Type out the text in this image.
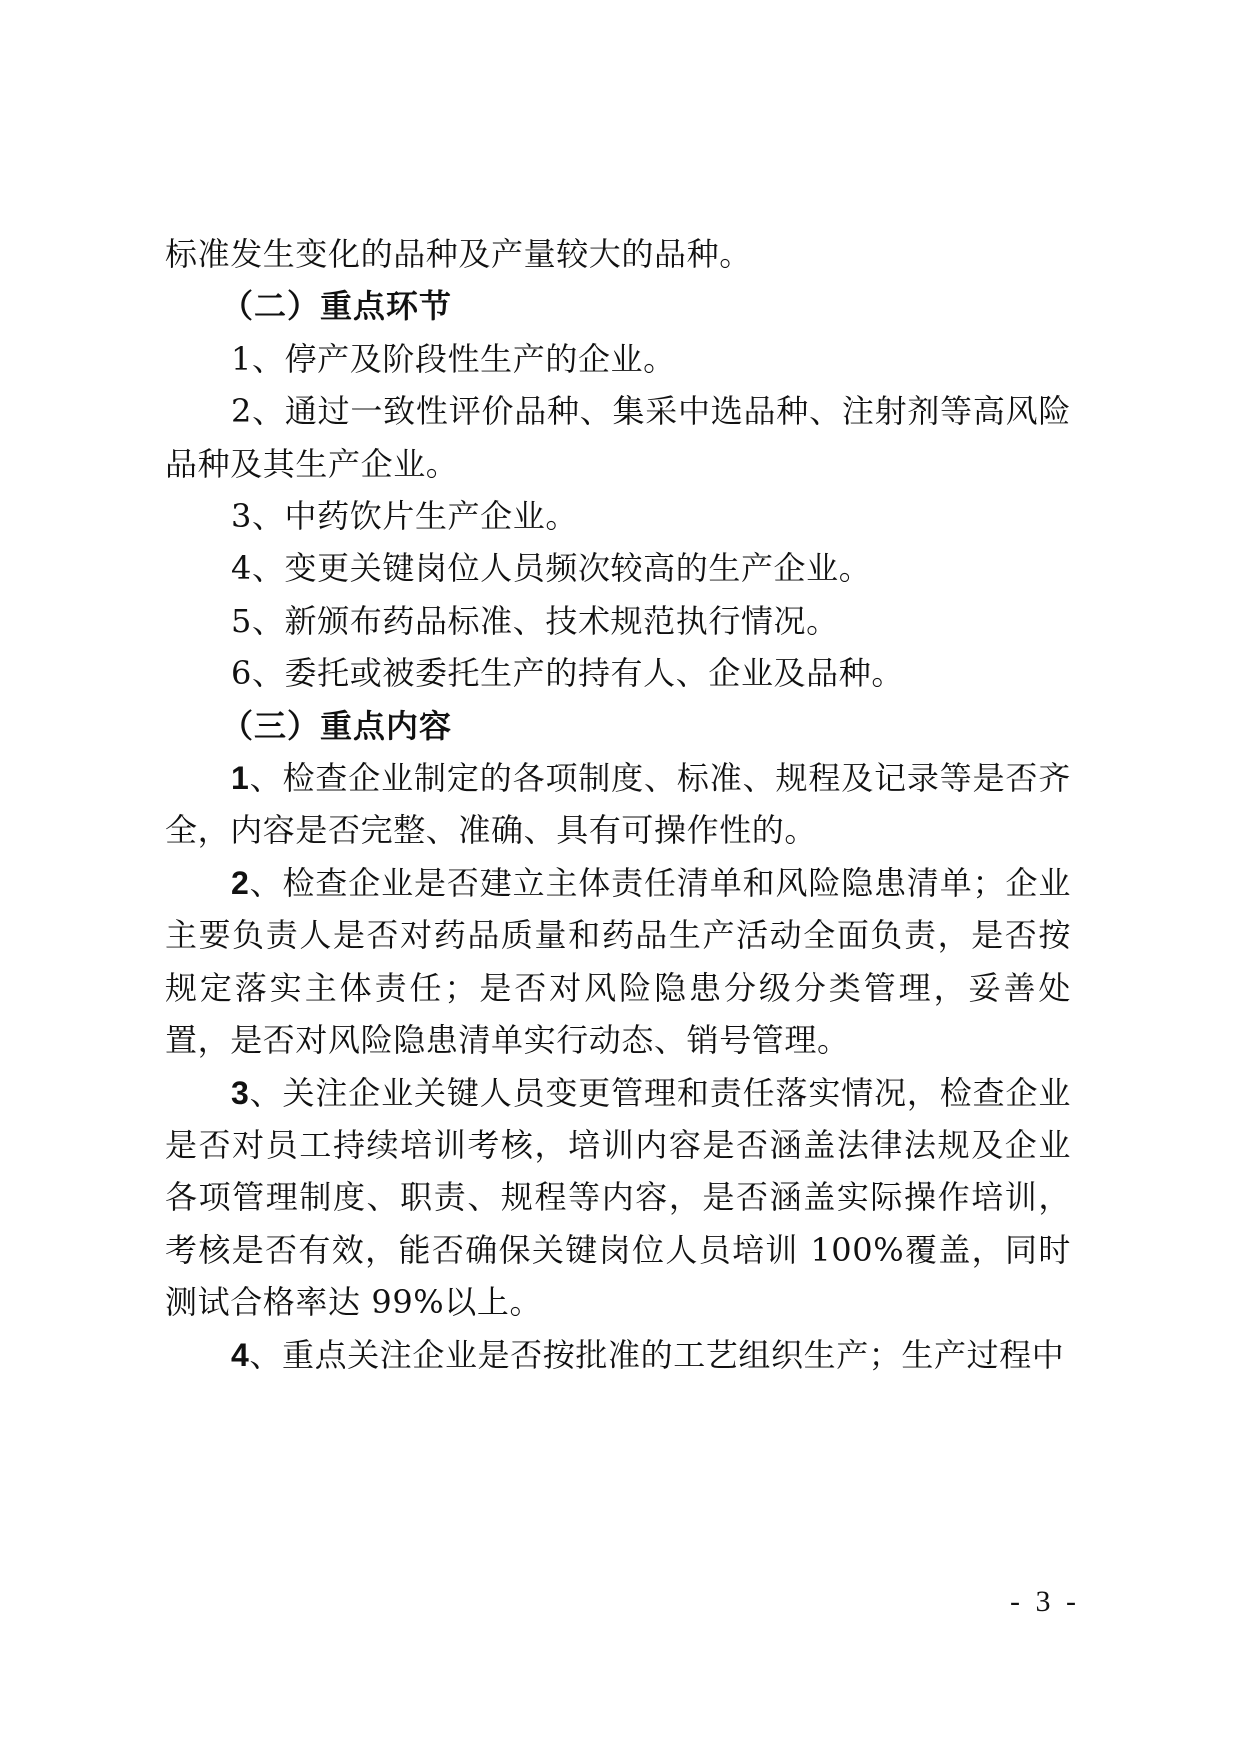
标准发生变化的品种及产量较大的品种。

（二）重点环节

1、停产及阶段性生产的企业。

2、通过一致性评价品种、集采中选品种、注射剂等高风险品种及其生产企业。

3、中药饮片生产企业。

4、变更关键岗位人员频次较高的生产企业。

5、新颁布药品标准、技术规范执行情况。

6、委托或被委托生产的持有人、企业及品种。

（三）重点内容

1、检查企业制定的各项制度、标准、规程及记录等是否齐全，内容是否完整、准确、具有可操作性的。

2、检查企业是否建立主体责任清单和风险隐患清单；企业主要负责人是否对药品质量和药品生产活动全面负责，是否按规定落实主体责任；是否对风险隐患分级分类管理，妥善处置，是否对风险隐患清单实行动态、销号管理。

3、关注企业关键人员变更管理和责任落实情况，检查企业是否对员工持续培训考核，培训内容是否涵盖法律法规及企业各项管理制度、职责、规程等内容，是否涵盖实际操作培训，考核是否有效，能否确保关键岗位人员培训 100%覆盖，同时测试合格率达 99%以上。

4、重点关注企业是否按批准的工艺组织生产；生产过程中

- 3 -
